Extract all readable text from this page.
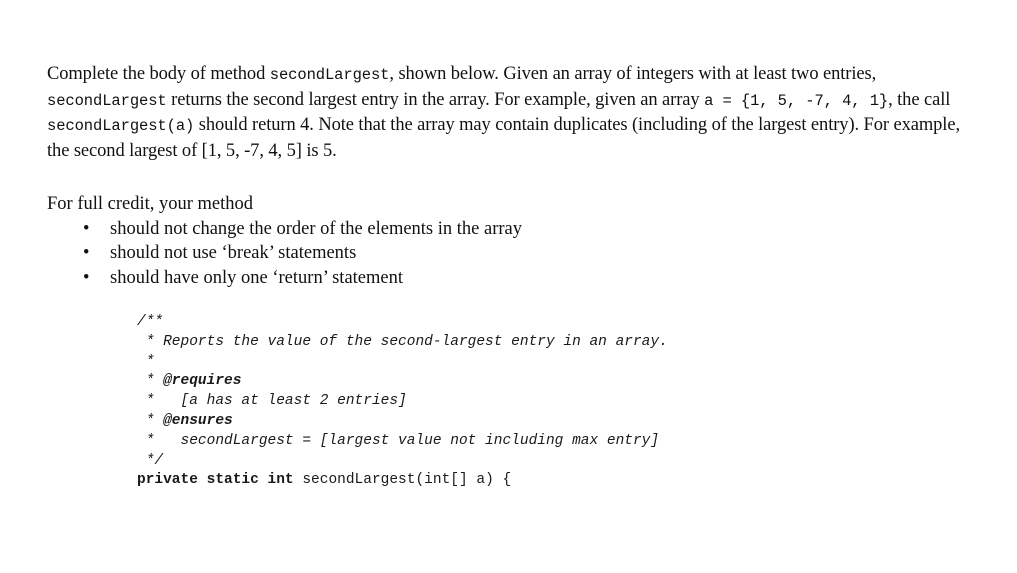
Complete the body of method secondLargest, shown below. Given an array of integers with at least two entries, secondLargest returns the second largest entry in the array. For example, given an array a = {1, 5, -7, 4, 1}, the call secondLargest(a) should return 4. Note that the array may contain duplicates (including of the largest entry). For example, the second largest of [1, 5, -7, 4, 5] is 5.
For full credit, your method
• should not change the order of the elements in the array
• should not use ‘break’ statements
• should have only one ‘return’ statement
/**
* Reports the value of the second-largest entry in an array.
*
* @requires
*   [a has at least 2 entries]
* @ensures
*   secondLargest = [largest value not including max entry]
*/
private static int secondLargest(int[] a) {
